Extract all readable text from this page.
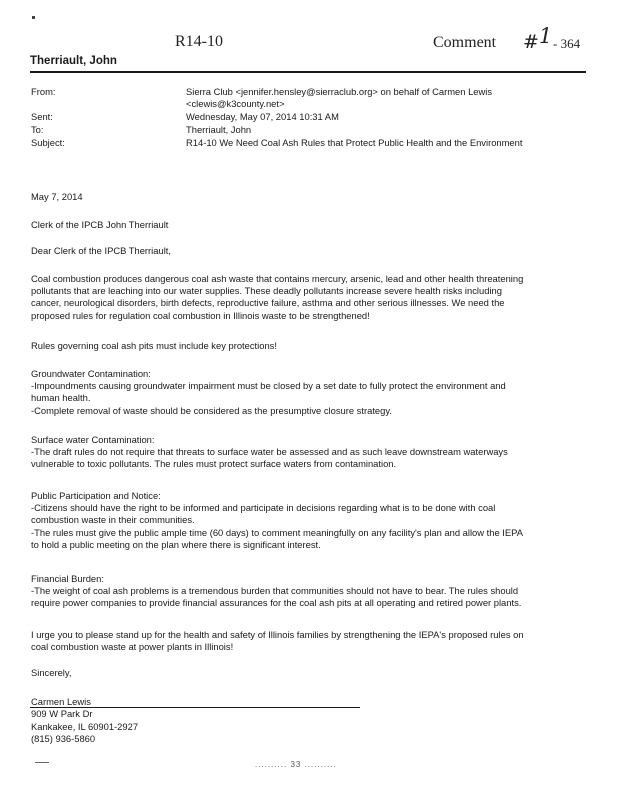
R14-10	Comment #1 - 364
Therriault, John
From:	Sierra Club <jennifer.hensley@sierraclub.org> on behalf of Carmen Lewis
<clewis@k3county.net>
Sent:	Wednesday, May 07, 2014 10:31 AM
To:	Therriault, John
Subject:	R14-10 We Need Coal Ash Rules that Protect Public Health and the Environment
May 7, 2014
Clerk of the IPCB John Therriault
Dear Clerk of the IPCB Therriault,
Coal combustion produces dangerous coal ash waste that contains mercury, arsenic, lead and other health threatening
pollutants that are leaching into our water supplies. These deadly pollutants increase severe health risks including
cancer, neurological disorders, birth defects, reproductive failure, asthma and other serious illnesses. We need the
proposed rules for regulation coal combustion in Illinois waste to be strengthened!
Rules governing coal ash pits must include key protections!
Groundwater Contamination:
-Impoundments causing groundwater impairment must be closed by a set date to fully protect the environment and
human health.
-Complete removal of waste should be considered as the presumptive closure strategy.
Surface water Contamination:
-The draft rules do not require that threats to surface water be assessed and as such leave downstream waterways
vulnerable to toxic pollutants. The rules must protect surface waters from contamination.
Public Participation and Notice:
-Citizens should have the right to be informed and participate in decisions regarding what is to be done with coal
combustion waste in their communities.
-The rules must give the public ample time (60 days) to comment meaningfully on any facility's plan and allow the IEPA
to hold a public meeting on the plan where there is significant interest.
Financial Burden:
-The weight of coal ash problems is a tremendous burden that communities should not have to bear. The rules should
require power companies to provide financial assurances for the coal ash pits at all operating and retired power plants.
I urge you to please stand up for the health and safety of Illinois families by strengthening the IEPA's proposed rules on
coal combustion waste at power plants in Illinois!
Sincerely,
Carmen Lewis
909 W Park Dr
Kankakee, IL 60901-2927
(815) 936-5860
.......... 33 ..........
